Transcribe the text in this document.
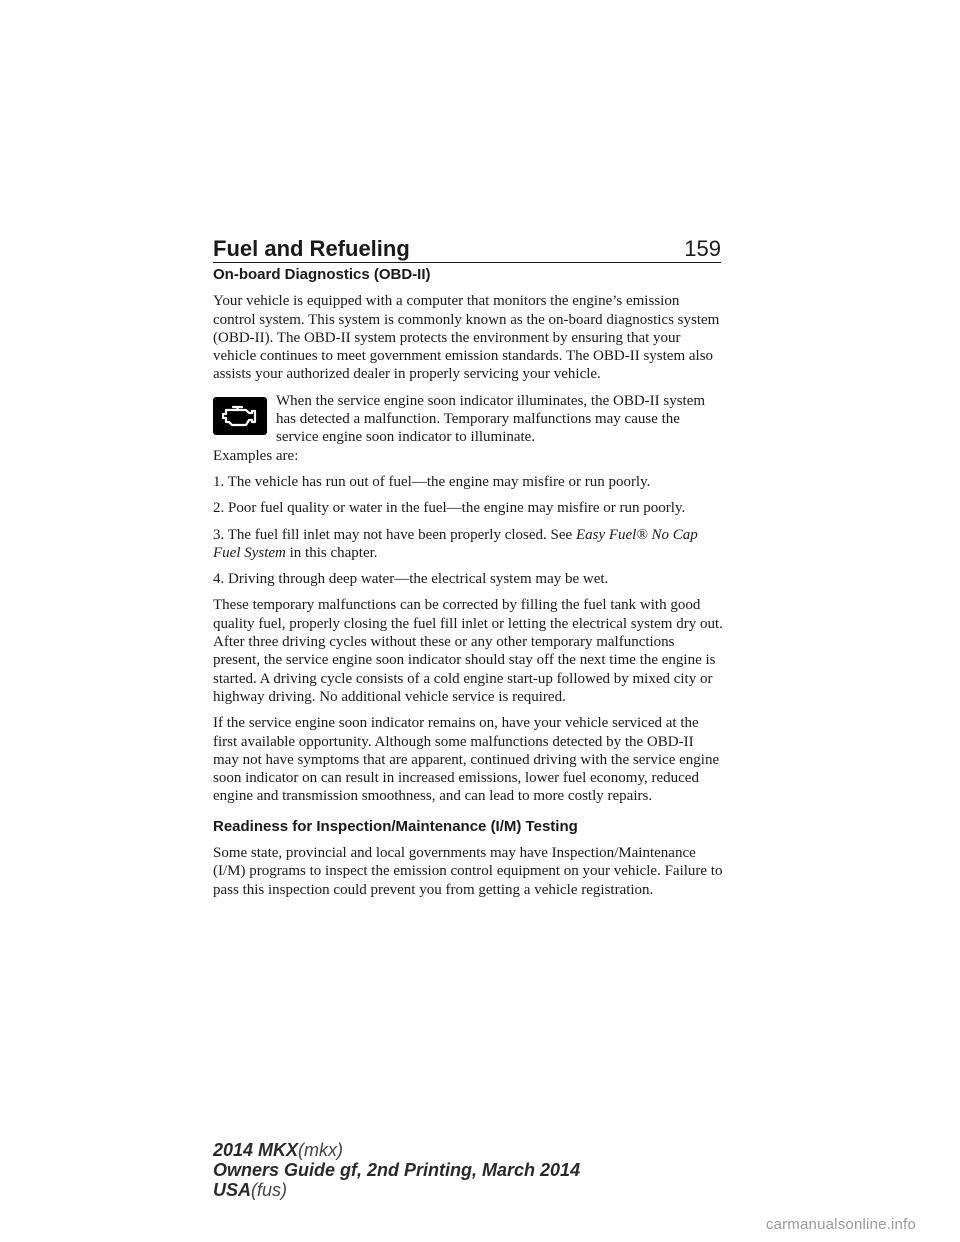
Fuel and Refueling	159

On-board Diagnostics (OBD-II)

Your vehicle is equipped with a computer that monitors the engine’s emission control system. This system is commonly known as the on-board diagnostics system (OBD-II). The OBD-II system protects the environment by ensuring that your vehicle continues to meet government emission standards. The OBD-II system also assists your authorized dealer in properly servicing your vehicle.

When the service engine soon indicator illuminates, the OBD-II system has detected a malfunction. Temporary malfunctions may cause the service engine soon indicator to illuminate.

Examples are:

1. The vehicle has run out of fuel—the engine may misfire or run poorly.

2. Poor fuel quality or water in the fuel—the engine may misfire or run poorly.

3. The fuel fill inlet may not have been properly closed. See Easy Fuel® No Cap Fuel System in this chapter.

4. Driving through deep water—the electrical system may be wet.

These temporary malfunctions can be corrected by filling the fuel tank with good quality fuel, properly closing the fuel fill inlet or letting the electrical system dry out. After three driving cycles without these or any other temporary malfunctions present, the service engine soon indicator should stay off the next time the engine is started. A driving cycle consists of a cold engine start-up followed by mixed city or highway driving. No additional vehicle service is required.

If the service engine soon indicator remains on, have your vehicle serviced at the first available opportunity. Although some malfunctions detected by the OBD-II may not have symptoms that are apparent, continued driving with the service engine soon indicator on can result in increased emissions, lower fuel economy, reduced engine and transmission smoothness, and can lead to more costly repairs.

Readiness for Inspection/Maintenance (I/M) Testing

Some state, provincial and local governments may have Inspection/Maintenance (I/M) programs to inspect the emission control equipment on your vehicle. Failure to pass this inspection could prevent you from getting a vehicle registration.

2014 MKX(mkx)
Owners Guide gf, 2nd Printing, March 2014
USA(fus)
carmanualsonline.info
